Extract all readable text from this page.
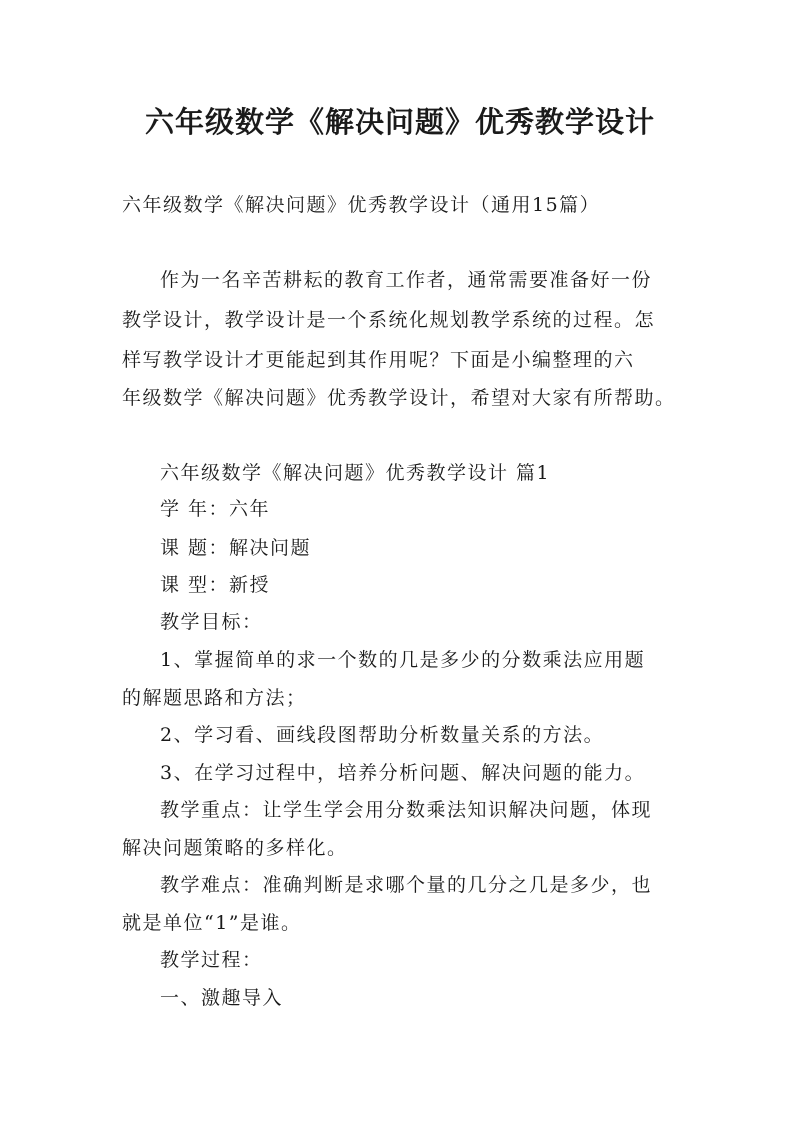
六年级数学《解决问题》优秀教学设计

六年级数学《解决问题》优秀教学设计（通用15篇）

作为一名辛苦耕耘的教育工作者，通常需要准备好一份

教学设计，教学设计是一个系统化规划教学系统的过程。怎

样写教学设计才更能起到其作用呢？下面是小编整理的六

年级数学《解决问题》优秀教学设计，希望对大家有所帮助。

六年级数学《解决问题》优秀教学设计 篇1

学 年：六年

课 题：解决问题

课 型：新授

教学目标：

1、掌握简单的求一个数的几是多少的分数乘法应用题

的解题思路和方法；

2、学习看、画线段图帮助分析数量关系的方法。

3、在学习过程中，培养分析问题、解决问题的能力。

教学重点：让学生学会用分数乘法知识解决问题，体现

解决问题策略的多样化。

教学难点：准确判断是求哪个量的几分之几是多少，也

就是单位“1”是谁。

教学过程：

一、激趣导入
